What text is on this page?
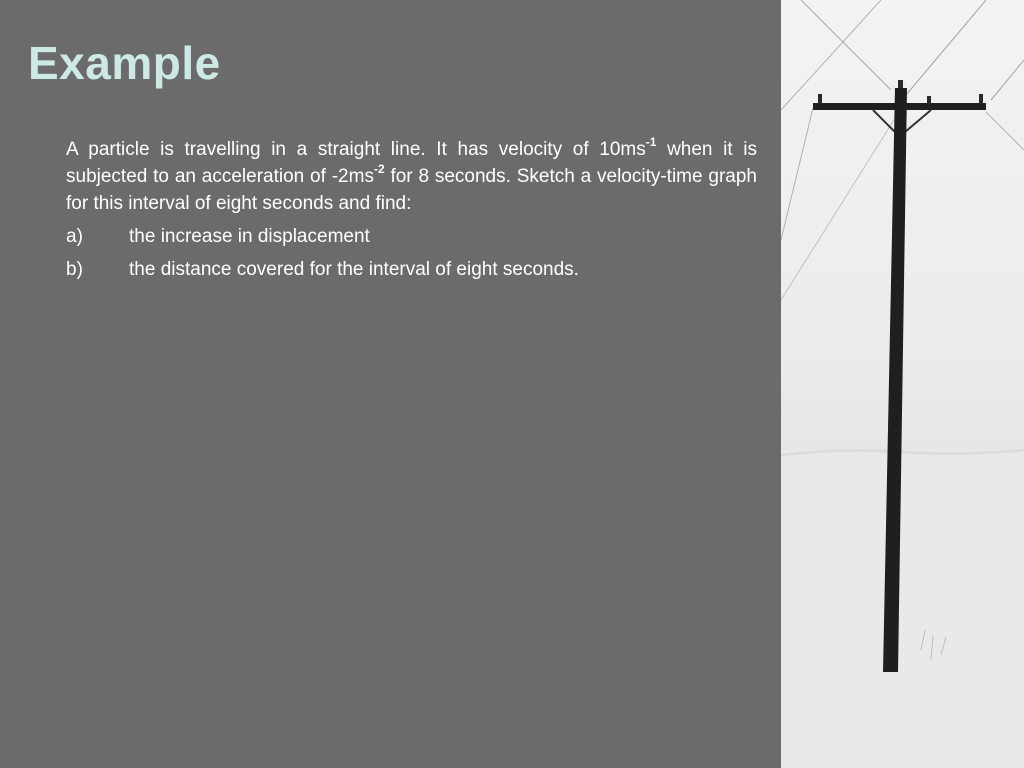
Example

A particle is travelling in a straight line. It has velocity of $10ms^{-1}$ when it is subjected to an acceleration of $-2ms^{-2}$ for 8 seconds. Sketch a velocity-time graph for this interval of eight seconds and find:

a)	the increase in displacement
b)	the distance covered for the interval of eight seconds.
